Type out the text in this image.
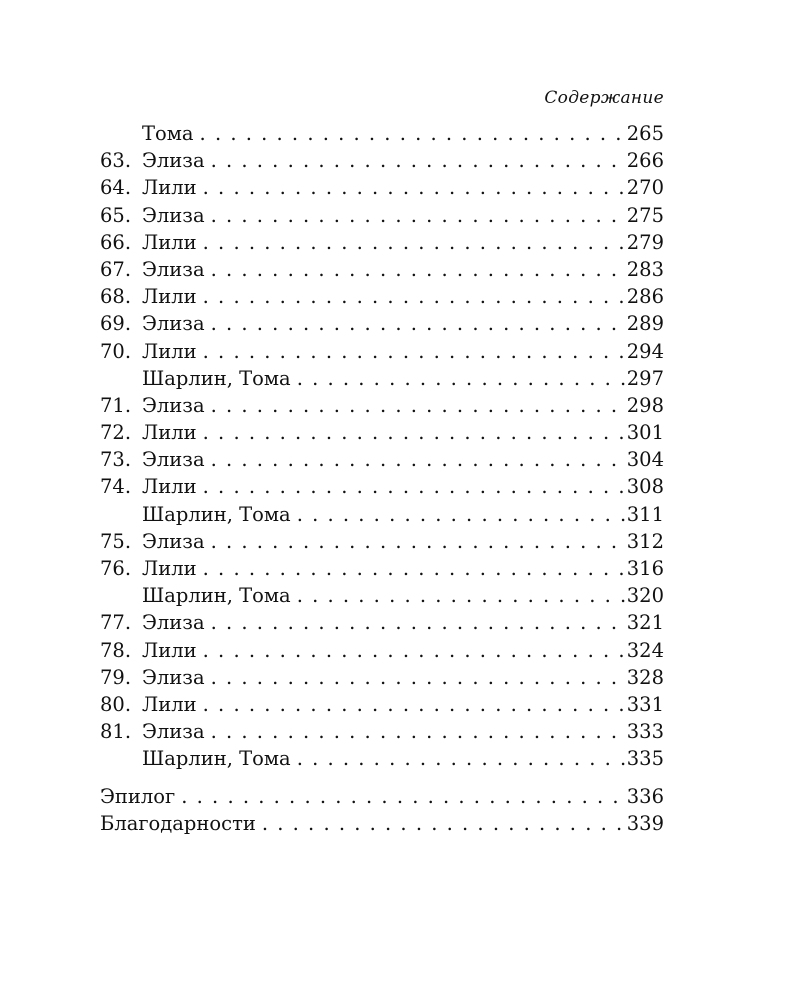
Содержание
Тома . . .	265
63. Элиза . . .	266
64. Лили . . .	270
65. Элиза . . .	275
66. Лили . . .	279
67. Элиза . . .	283
68. Лили . . .	286
69. Элиза . . .	289
70. Лили . . .	294
Шарлин, Тома . . .	297
71. Элиза . . .	298
72. Лили . . .	301
73. Элиза . . .	304
74. Лили . . .	308
Шарлин, Тома . . .	311
75. Элиза . . .	312
76. Лили . . .	316
Шарлин, Тома . . .	320
77. Элиза . . .	321
78. Лили . . .	324
79. Элиза . . .	328
80. Лили . . .	331
81. Элиза . . .	333
Шарлин, Тома . . .	335
Эпилог . . .	336
Благодарности . . .	339
